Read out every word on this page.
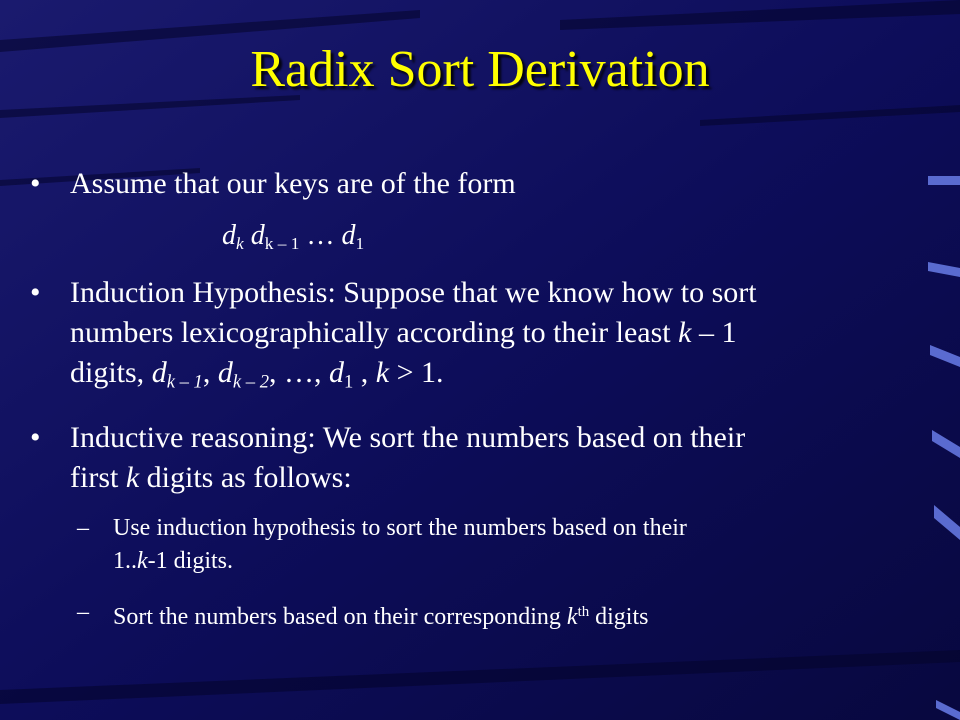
Radix Sort Derivation
• Assume that our keys are of the form
$d_k$ $d_{k - 1}$ … $d_1$
• Induction Hypothesis: Suppose that we know how to sort
numbers lexicographically according to their least k – 1
digits, $d_{k - 1}$, $d_{k - 2}$, …, $d_1$ , k > 1.
• Inductive reasoning: We sort the numbers based on their
first k digits as follows:
– Use induction hypothesis to sort the numbers based on their
1..k-1 digits.
– Sort the numbers based on their corresponding $k^{th}$ digits
